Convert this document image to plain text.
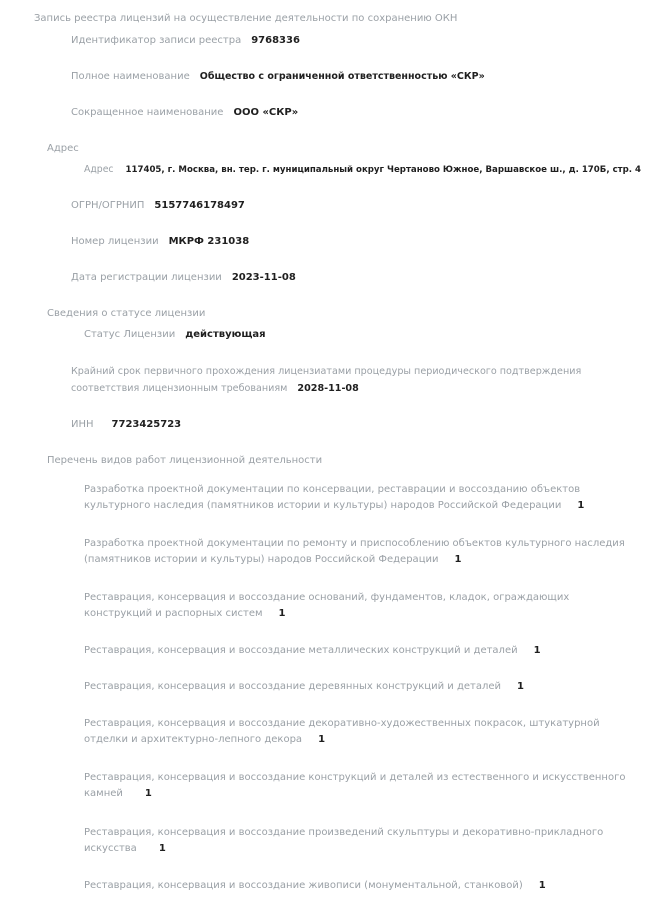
Запись реестра лицензий на осуществление деятельности по сохранению ОКН
Идентификатор записи реестра 9768336
Полное наименование Общество с ограниченной ответственностью «СКР»
Сокращенное наименование ООО «СКР»
Адрес
Адрес 117405, г. Москва, вн. тер. г. муниципальный округ Чертаново Южное, Варшавское ш., д. 170Б, стр. 4
ОГРН/ОГРНИП 5157746178497
Номер лицензии МКРФ 231038
Дата регистрации лицензии 2023-11-08
Сведения о статусе лицензии
Статус Лицензии действующая
Крайний срок первичного прохождения лицензиатами процедуры периодического подтверждения соответствия лицензионным требованиям 2028-11-08
ИНН 7723425723
Перечень видов работ лицензионной деятельности
Разработка проектной документации по консервации, реставрации и воссозданию объектов культурного наследия (памятников истории и культуры) народов Российской Федерации 1
Разработка проектной документации по ремонту и приспособлению объектов культурного наследия (памятников истории и культуры) народов Российской Федерации 1
Реставрация, консервация и воссоздание оснований, фундаментов, кладок, ограждающих конструкций и распорных систем 1
Реставрация, консервация и воссоздание металлических конструкций и деталей 1
Реставрация, консервация и воссоздание деревянных конструкций и деталей 1
Реставрация, консервация и воссоздание декоративно-художественных покрасок, штукатурной отделки и архитектурно-лепного декора 1
Реставрация, консервация и воссоздание конструкций и деталей из естественного и искусственного камней 1
Реставрация, консервация и воссоздание произведений скульптуры и декоративно-прикладного искусства 1
Реставрация, консервация и воссоздание живописи (монументальной, станковой) 1
